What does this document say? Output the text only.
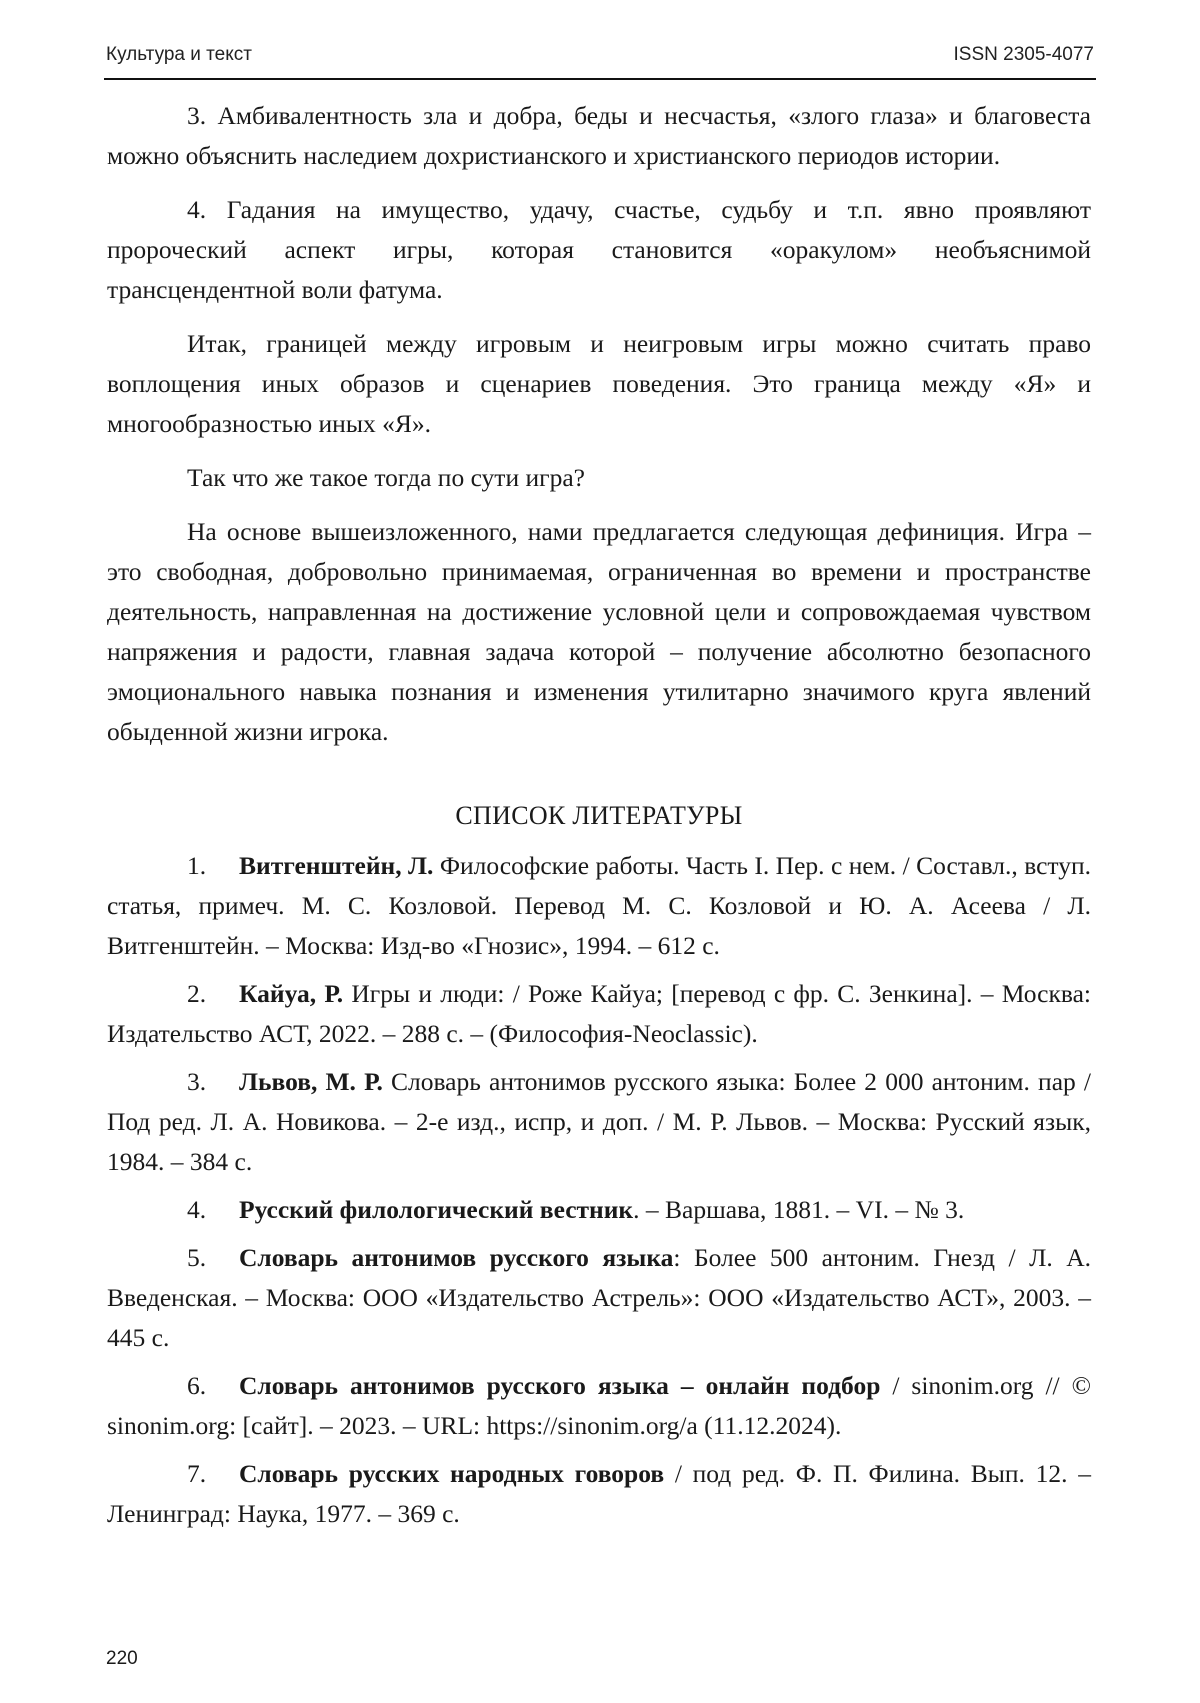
Культура и текст	ISSN 2305-4077

3. Амбивалентность зла и добра, беды и несчастья, «злого глаза» и благовеста можно объяснить наследием дохристианского и христианского периодов истории.

4. Гадания на имущество, удачу, счастье, судьбу и т.п. явно проявляют пророческий аспект игры, которая становится «оракулом» необъяснимой трансцендентной воли фатума.

Итак, границей между игровым и неигровым игры можно считать право воплощения иных образов и сценариев поведения. Это граница между «Я» и многообразностью иных «Я».

Так что же такое тогда по сути игра?

На основе вышеизложенного, нами предлагается следующая дефиниция. Игра – это свободная, добровольно принимаемая, ограниченная во времени и пространстве деятельность, направленная на достижение условной цели и сопровождаемая чувством напряжения и радости, главная задача которой – получение абсолютно безопасного эмоционального навыка познания и изменения утилитарно значимого круга явлений обыденной жизни игрока.

СПИСОК ЛИТЕРАТУРЫ
1. Витгенштейн, Л. Философские работы. Часть I. Пер. с нем. / Составл., вступ. статья, примеч. М. С. Козловой. Перевод М. С. Козловой и Ю. А. Асеева / Л. Витгенштейн. – Москва: Изд-во «Гнозис», 1994. – 612 с.
2. Кайуа, Р. Игры и люди: / Роже Кайуа; [перевод с фр. С. Зенкина]. – Москва: Издательство АСТ, 2022. – 288 с. – (Философия-Neoclassic).
3. Львов, М. Р. Словарь антонимов русского языка: Более 2 000 антоним. пар / Под ред. Л. А. Новикова. – 2-е изд., испр, и доп. / М. Р. Львов. – Москва: Русский язык, 1984. – 384 с.
4. Русский филологический вестник. – Варшава, 1881. – VI. – № 3.
5. Словарь антонимов русского языка: Более 500 антоним. Гнезд / Л. А. Введенская. – Москва: ООО «Издательство Астрель»: ООО «Издательство АСТ», 2003. – 445 с.
6. Словарь антонимов русского языка – онлайн подбор / sinonim.org // © sinonim.org: [сайт]. – 2023. – URL: https://sinonim.org/a (11.12.2024).
7. Словарь русских народных говоров / под ред. Ф. П. Филина. Вып. 12. – Ленинград: Наука, 1977. – 369 с.
220
